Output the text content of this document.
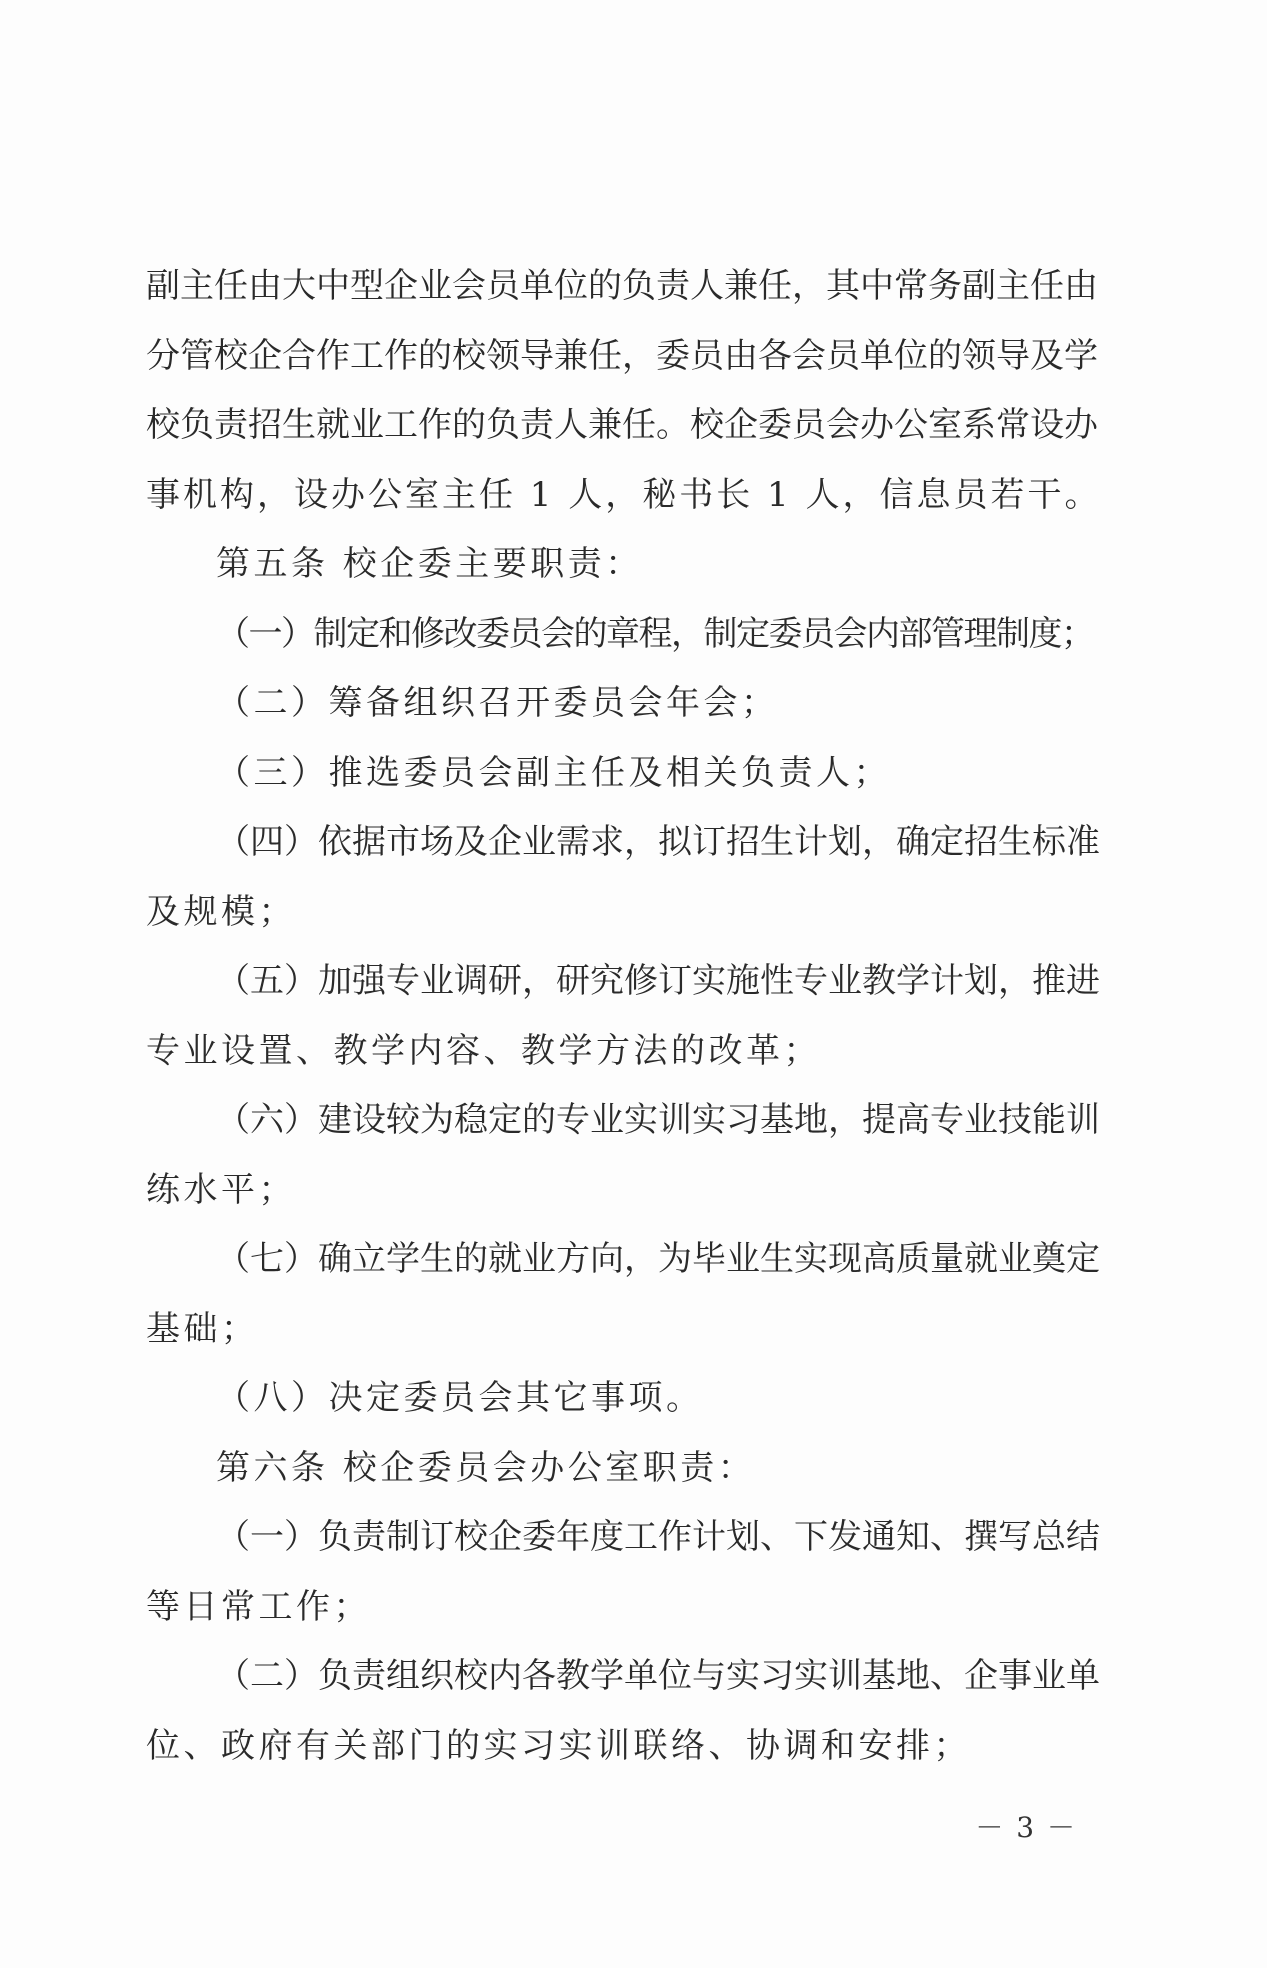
副主任由大中型企业会员单位的负责人兼任，其中常务副主任由
分管校企合作工作的校领导兼任，委员由各会员单位的领导及学
校负责招生就业工作的负责人兼任。校企委员会办公室系常设办
事机构，设办公室主任 1 人，秘书长 1 人，信息员若干。
第五条 校企委主要职责：
（一）制定和修改委员会的章程，制定委员会内部管理制度；
（二）筹备组织召开委员会年会；
（三）推选委员会副主任及相关负责人；
（四）依据市场及企业需求，拟订招生计划，确定招生标准
及规模；
（五）加强专业调研，研究修订实施性专业教学计划，推进
专业设置、教学内容、教学方法的改革；
（六）建设较为稳定的专业实训实习基地，提高专业技能训
练水平；
（七）确立学生的就业方向，为毕业生实现高质量就业奠定
基础；
（八）决定委员会其它事项。
第六条 校企委员会办公室职责：
（一）负责制订校企委年度工作计划、下发通知、撰写总结
等日常工作；
（二）负责组织校内各教学单位与实习实训基地、企事业单
位、政府有关部门的实习实训联络、协调和安排；
－ 3 －
